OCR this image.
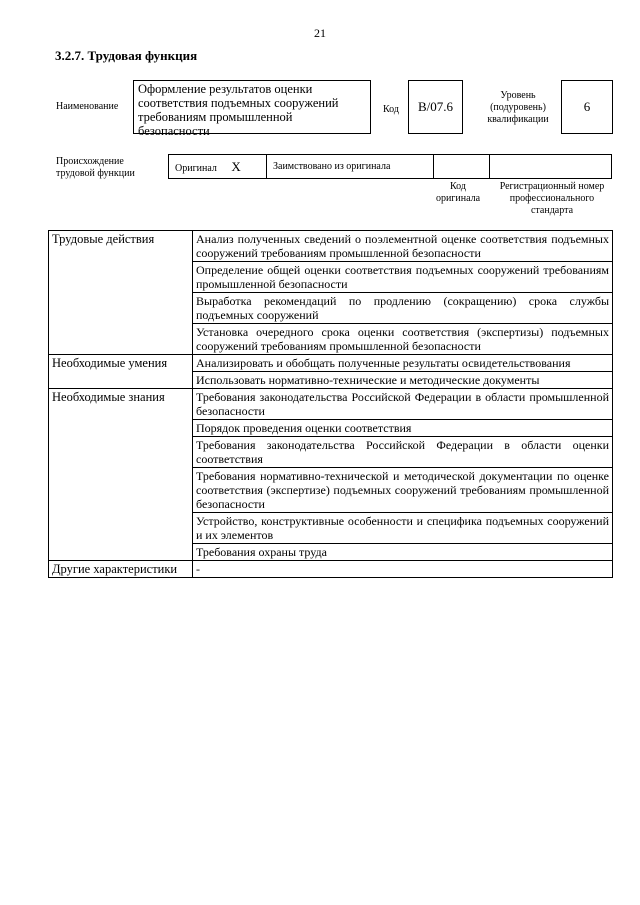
21
3.2.7. Трудовая функция
Наименование
Оформление результатов оценки соответствия подъемных сооружений требованиям промышленной безопасности
Код	B/07.6
Уровень (подуровень) квалификации
6
Происхождение трудовой функции	Оригинал X	Заимствовано из оригинала		
Код оригинала
Регистрационный номер профессионального стандарта
Трудовые действия	Анализ полученных сведений о поэлементной оценке соответствия подъемных сооружений требованиям промышленной безопасности
	Определение общей оценки соответствия подъемных сооружений требованиям промышленной безопасности
	Выработка рекомендаций по продлению (сокращению) срока службы подъемных сооружений
	Установка очередного срока оценки соответствия (экспертизы) подъемных сооружений требованиям промышленной безопасности
Необходимые умения	Анализировать и обобщать полученные результаты освидетельствования
	Использовать нормативно-технические и методические документы
Необходимые знания	Требования законодательства Российской Федерации в области промышленной безопасности
	Порядок проведения оценки соответствия
	Требования законодательства Российской Федерации в области оценки соответствия
	Требования нормативно-технической и методической документации по оценке соответствия (экспертизе) подъемных сооружений требованиям промышленной безопасности
	Устройство, конструктивные особенности и специфика подъемных сооружений и их элементов
	Требования охраны труда
Другие характеристики	-
